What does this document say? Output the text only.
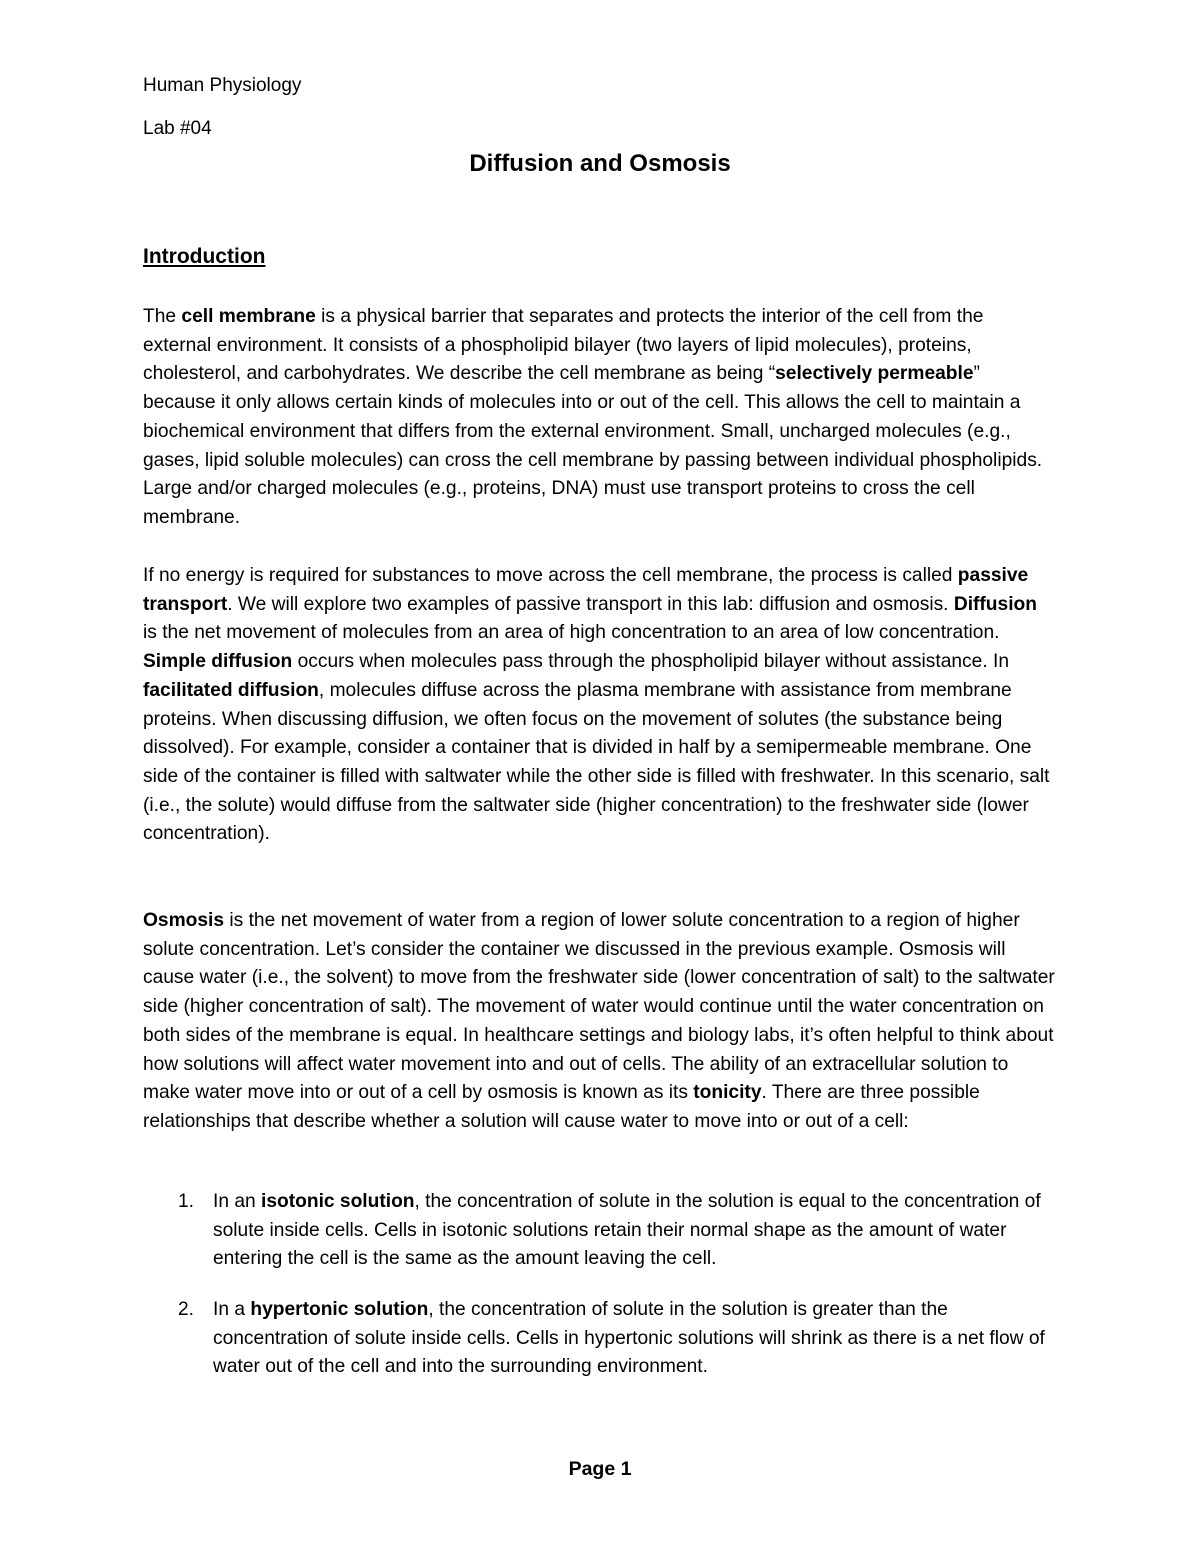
Human Physiology
Lab #04
Diffusion and Osmosis
Introduction

The cell membrane is a physical barrier that separates and protects the interior of the cell from the external environment. It consists of a phospholipid bilayer (two layers of lipid molecules), proteins, cholesterol, and carbohydrates. We describe the cell membrane as being “selectively permeable” because it only allows certain kinds of molecules into or out of the cell. This allows the cell to maintain a biochemical environment that differs from the external environment. Small, uncharged molecules (e.g., gases, lipid soluble molecules) can cross the cell membrane by passing between individual phospholipids. Large and/or charged molecules (e.g., proteins, DNA) must use transport proteins to cross the cell membrane.

If no energy is required for substances to move across the cell membrane, the process is called passive transport. We will explore two examples of passive transport in this lab: diffusion and osmosis. Diffusion is the net movement of molecules from an area of high concentration to an area of low concentration. Simple diffusion occurs when molecules pass through the phospholipid bilayer without assistance. In facilitated diffusion, molecules diffuse across the plasma membrane with assistance from membrane proteins. When discussing diffusion, we often focus on the movement of solutes (the substance being dissolved). For example, consider a container that is divided in half by a semipermeable membrane. One side of the container is filled with saltwater while the other side is filled with freshwater. In this scenario, salt (i.e., the solute) would diffuse from the saltwater side (higher concentration) to the freshwater side (lower concentration).

Osmosis is the net movement of water from a region of lower solute concentration to a region of higher solute concentration. Let’s consider the container we discussed in the previous example. Osmosis will cause water (i.e., the solvent) to move from the freshwater side (lower concentration of salt) to the saltwater side (higher concentration of salt). The movement of water would continue until the water concentration on both sides of the membrane is equal. In healthcare settings and biology labs, it’s often helpful to think about how solutions will affect water movement into and out of cells. The ability of an extracellular solution to make water move into or out of a cell by osmosis is known as its tonicity. There are three possible relationships that describe whether a solution will cause water to move into or out of a cell:

1. In an isotonic solution, the concentration of solute in the solution is equal to the concentration of solute inside cells. Cells in isotonic solutions retain their normal shape as the amount of water entering the cell is the same as the amount leaving the cell.
2. In a hypertonic solution, the concentration of solute in the solution is greater than the concentration of solute inside cells. Cells in hypertonic solutions will shrink as there is a net flow of water out of the cell and into the surrounding environment.
Page 1
